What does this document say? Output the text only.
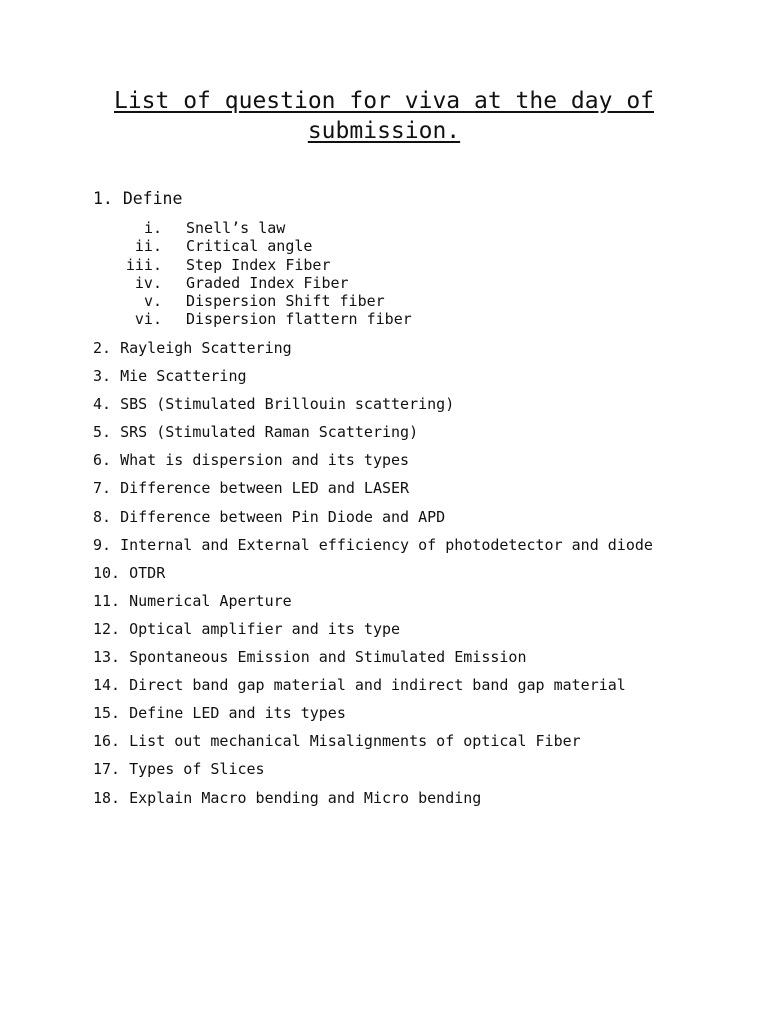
List of question for viva at the day of submission.
1. Define
i. Snell’s law
ii. Critical angle
iii. Step Index Fiber
iv. Graded Index Fiber
v. Dispersion Shift fiber
vi. Dispersion flattern fiber
2. Rayleigh Scattering
3. Mie Scattering
4. SBS (Stimulated Brillouin scattering)
5. SRS (Stimulated Raman Scattering)
6. What is dispersion and its types
7. Difference between LED and LASER
8. Difference between Pin Diode and APD
9. Internal and External efficiency of photodetector and diode
10. OTDR
11. Numerical Aperture
12. Optical amplifier and its type
13. Spontaneous Emission and Stimulated Emission
14. Direct band gap material and indirect band gap material
15. Define LED and its types
16. List out mechanical Misalignments of optical Fiber
17. Types of Slices
18. Explain Macro bending and Micro bending
